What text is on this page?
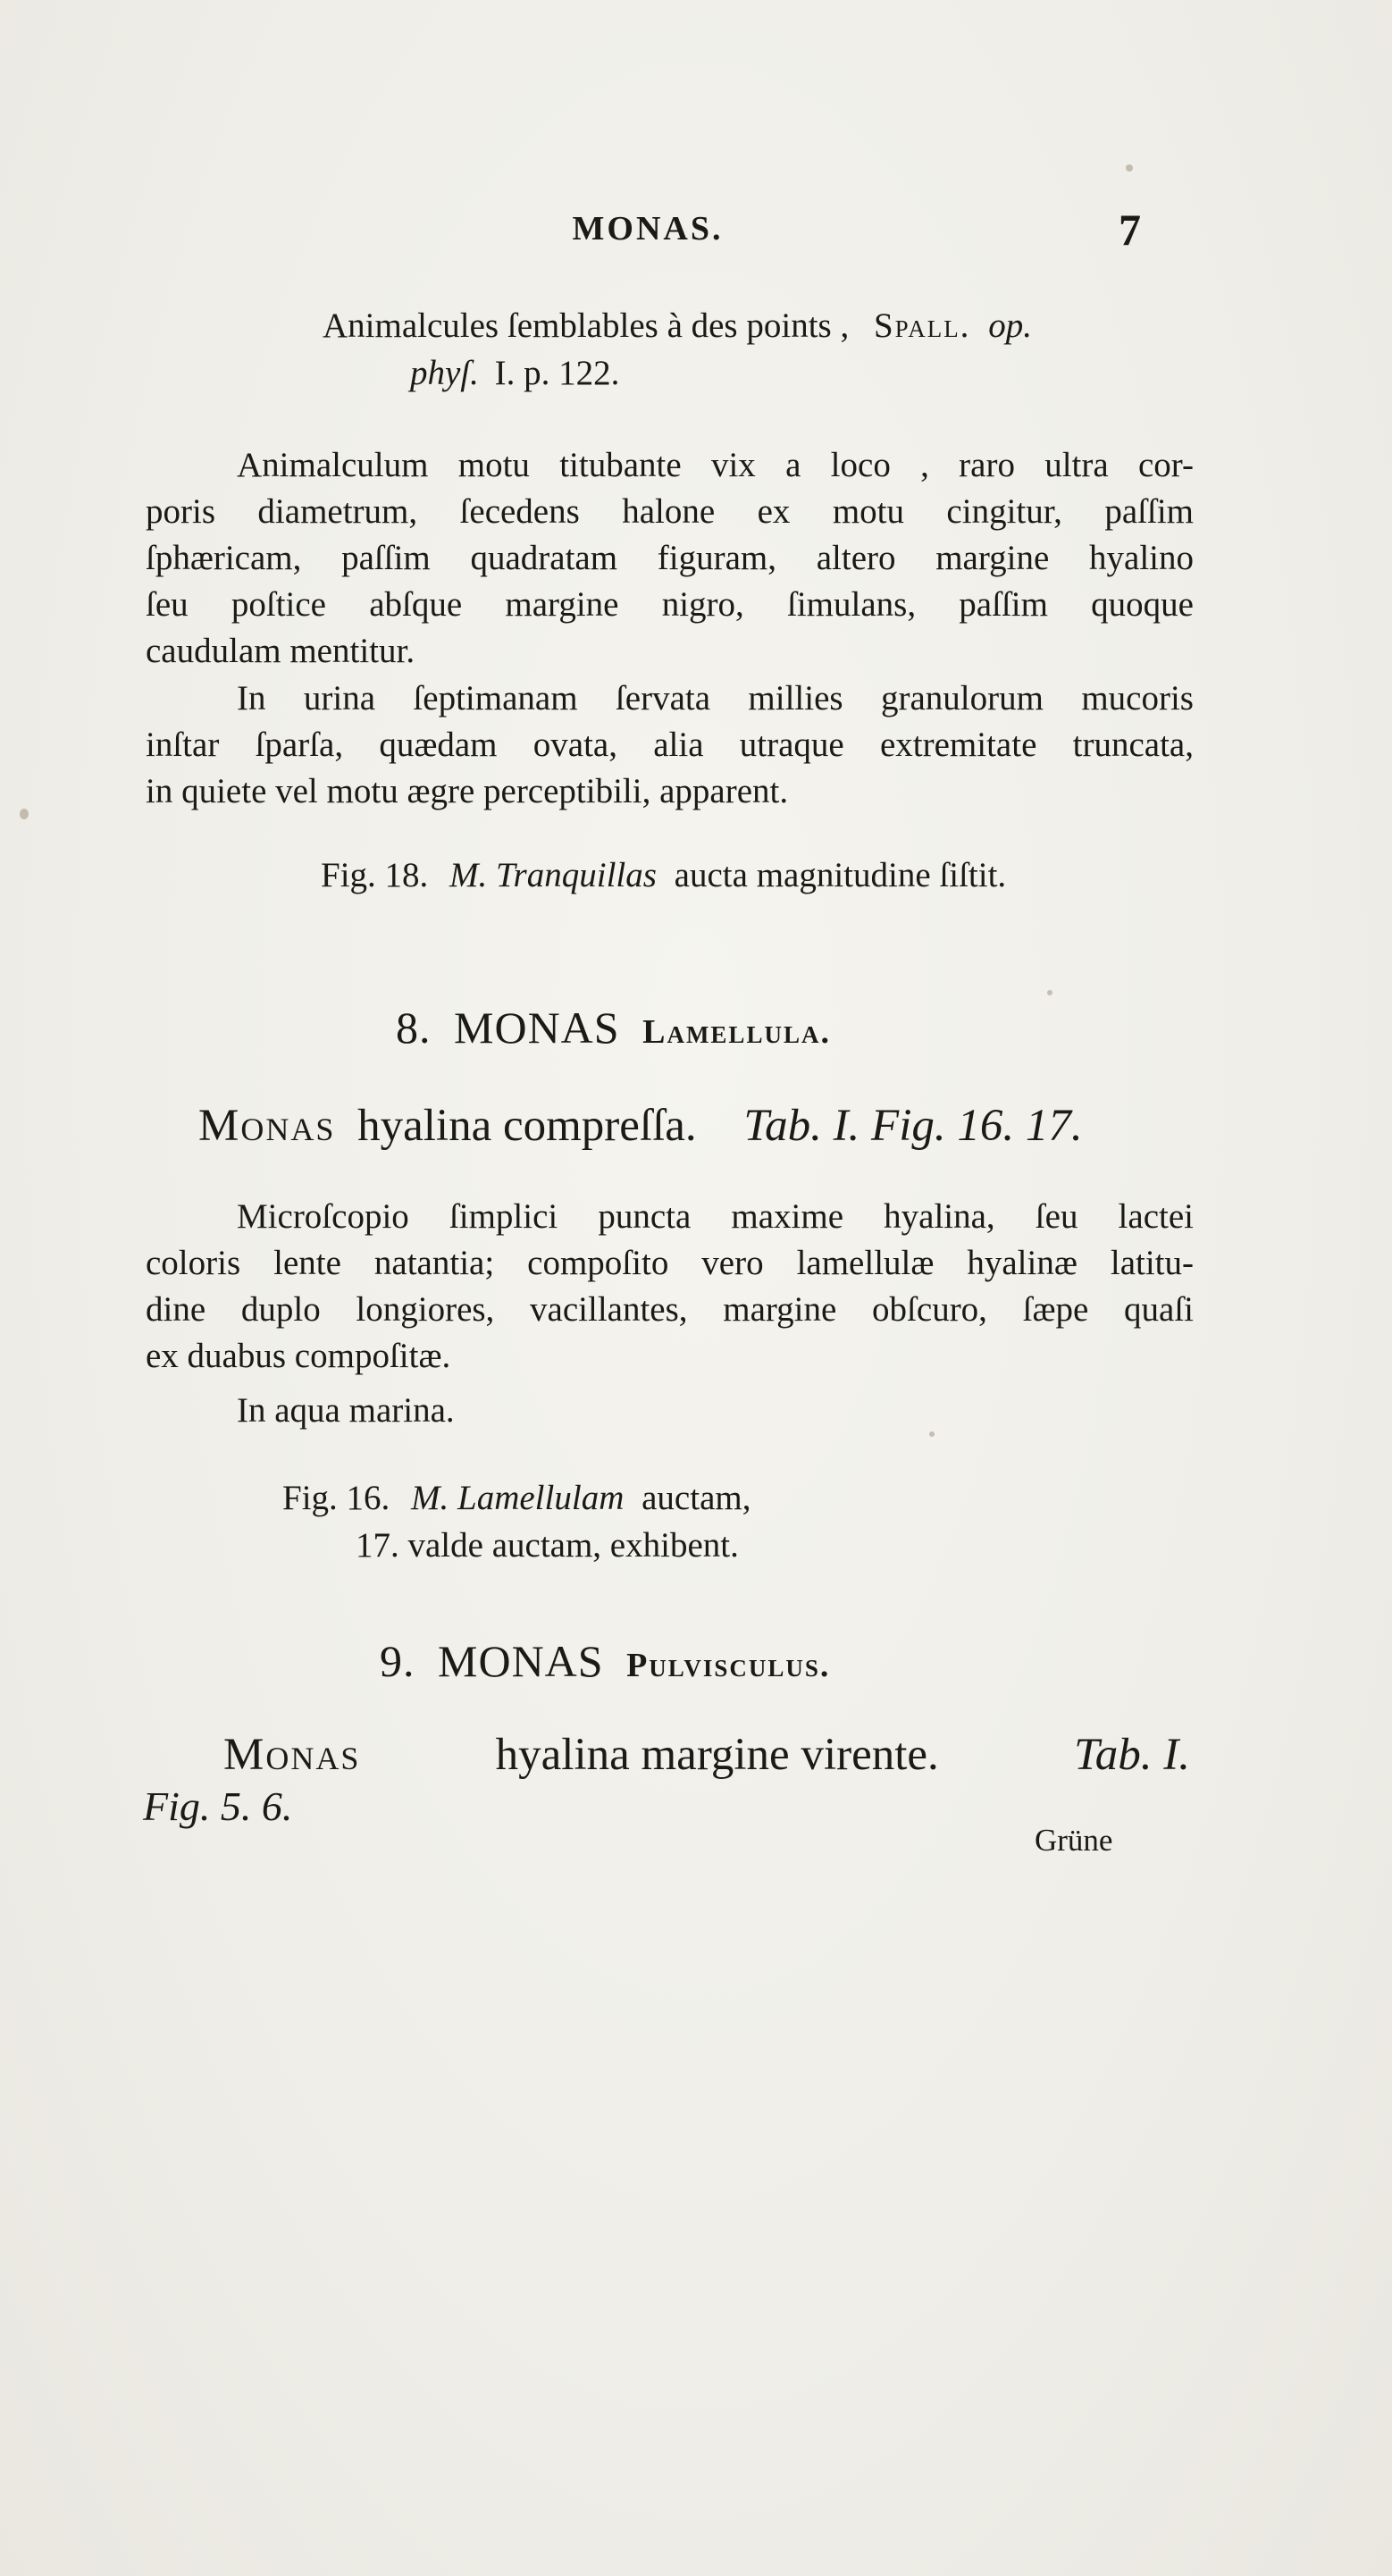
MONAS.	7
Animalcules ſemblables à des points , Spall. op.
phyſ. I. p. 122.
Animalculum motu titubante vix a loco , raro ultra cor-
poris diametrum, ſecedens halone ex motu cingitur, paſſim
ſphæricam, paſſim quadratam figuram, altero margine hyalino
ſeu poſtice abſque margine nigro, ſimulans, paſſim quoque
caudulam mentitur.
In urina ſeptimanam ſervata millies granulorum mucoris
inſtar ſparſa, quædam ovata, alia utraque extremitate truncata,
in quiete vel motu ægre perceptibili, apparent.
Fig. 18. M. Tranquillas aucta magnitudine ſiſtit.
8. MONAS Lamellula.
Monas hyalina compreſſa. Tab. I. Fig. 16. 17.
Microſcopio ſimplici puncta maxime hyalina, ſeu lactei
coloris lente natantia; compoſito vero lamellulæ hyalinæ latitu-
dine duplo longiores, vacillantes, margine obſcuro, ſæpe quaſi
ex duabus compoſitæ.
In aqua marina.
Fig. 16. M. Lamellulam auctam,
17. valde auctam, exhibent.
9. MONAS Pulvisculus.
Monas	hyalina margine virente.	Tab. I.
Fig. 5. 6.
Grüne
